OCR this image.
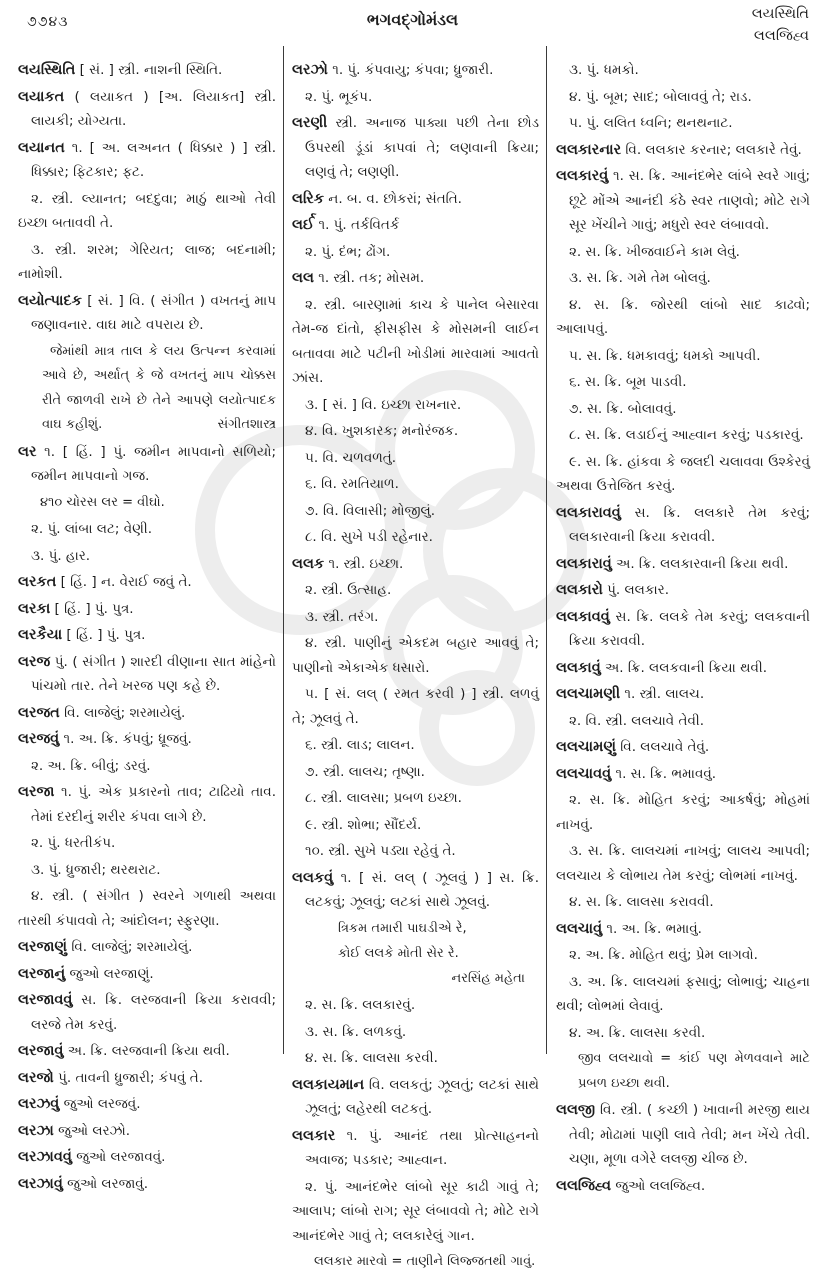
૭૭૪૩	ભગવદ્ગોમંડલ	લયસ્થિતિ
લલજિહ્વ
લયસ્થિતિ [ સં. ] સ્ત્રી. નાશની સ્થિતિ.
લયાકત ( લયાકત ) [અ. લિયાકત] સ્ત્રી. લાયકી; યોગ્યતા.
લયાનત ૧. [ અ. લઅનત ( ધિક્કાર ) ] સ્ત્રી. ધિક્કાર; ફિટકાર; ફટ.
૨. સ્ત્રી. લ્યાનત; બદદુવા; માઠું થાઓ તેવી ઇચ્છા બતાવવી તે.
૩. સ્ત્રી. શરમ; ગેરિયત; લાજ; બદનામી; નામોશી.
લયોત્પાદક [ સં. ] વિ. ( સંગીત ) વખતનું માપ જણાવનાર. વાઘ માટે વપરાય છે.
જેમાંથી માત્ર તાલ કે લય ઉત્પન્ન કરવામાં આવે છે, અર્થાત્ કે જે વખતનું માપ ચોક્કસ રીતે જાળવી રાખે છે તેને આપણે લયોત્પાદક વાઘ કહીશું.	સંગીતશાસ્ત્ર
લર ૧. [ હિં. ] પું. જમીન માપવાનો સળિયો; જમીન માપવાનો ગજ.
૪૧૦ ચોરસ લર = વીઘો.
૨. પું. લાંબા લટ; વેણી.
૩. પું. હાર.
લરકત [ હિં. ] ન. વેરાઈ જવું તે.
લરકા [ હિં. ] પું. પુત્ર.
લરકૈયા [ હિં. ] પું. પુત્ર.
લરજ પું. ( સંગીત ) શારદી વીણાના સાત માંહેનો પાંચમો તાર. તેને ખરજ પણ કહે છે.
લરજત વિ. લાજેલું; શરમાયેલું.
લરજવું ૧. અ. ક્રિ. કંપવું; ધ્રૂજવું.
૨. અ. ક્રિ. બીવું; ડરવું.
લરજા ૧. પું. એક પ્રકારનો તાવ; ટાઢિયો તાવ. તેમાં દરદીનું શરીર કંપવા લાગે છે.
૨. પું. ધરતીકંપ.
૩. પું. ધ્રુજારી; થરથરાટ.
૪. સ્ત્રી. ( સંગીત ) સ્વરને ગળાથી અથવા તારથી કંપાવવો તે; આંદોલન; સ્ફુરણા.
લરજાણું વિ. લાજેલું; શરમાયેલું.
લરજાનું જુઓ લરજાણું.
લરજાવવું સ. ક્રિ. લરજવાની ક્રિયા કરાવવી; લરજે તેમ કરવું.
લરજાવું અ. ક્રિ. લરજવાની ક્રિયા થવી.
લરજો પું. તાવની ધ્રુજારી; કંપવું તે.
લરઝવું જુઓ લરજવું.
લરઝા જુઓ લરઝો.
લરઝાવવું જુઓ લરજાવવું.
લરઝાવું જુઓ લરજાવું.
લરઝો ૧. પું. કંપવાયુ; કંપવા; ધ્રુજારી.
૨. પું. ભૂકંપ.
લરણી સ્ત્રી. અનાજ પાક્યા પછી તેના છોડ ઉપરથી ડૂંડાં કાપવાં તે; લણવાની ક્રિયા; લણવું તે; લણણી.
લરિક ન. બ. વ. છોકરાં; સંતતિ.
લર્ઈ ૧. પું. તર્કવિતર્ક
૨. પું. દંભ; ઢોંગ.
લલ ૧. સ્ત્રી. તક; મોસમ.
૨. સ્ત્રી. બારણામાં કાચ કે પાનેલ બેસારવા તેમ-જ દાંતો, ફીસફીસ કે મોસમની લાઈન બતાવવા માટે પટીની ખોડીમાં મારવામાં આવતો ઝાંસ.
૩. [ સં. ] વિ. ઇચ્છા રાખનાર.
૪. વિ. ખુશકારક; મનોરંજક.
૫. વિ. ચળવળતું.
૬. વિ. રમતિયાળ.
૭. વિ. વિલાસી; મોજીલું.
૮. વિ. સુખે પડી રહેનાર.
લલક ૧. સ્ત્રી. ઇચ્છા.
૨. સ્ત્રી. ઉત્સાહ.
૩. સ્ત્રી. તરંગ.
૪. સ્ત્રી. પાણીનું એકદમ બહાર આવવું તે; પાણીનો એકાએક ધસારો.
૫. [ સં. લલ્ ( રમત કરવી ) ] સ્ત્રી. લળવું તે; ઝૂલવું તે.
૬. સ્ત્રી. લાડ; લાલન.
૭. સ્ત્રી. લાલચ; તૃષ્ણા.
૮. સ્ત્રી. લાલસા; પ્રબળ ઇચ્છા.
૯. સ્ત્રી. શોભા; સૌંદર્ય.
૧૦. સ્ત્રી. સુખે પડ્યા રહેવું તે.
લલકવું ૧. [ સં. લલ્ ( ઝૂલવું ) ] સ. ક્રિ. લટકવું; ઝૂલવું; લટકાં સાથે ઝૂલવું.
ત્રિકમ તમારી પાઘડીએ રે,
કોઈ લલકે મોતી સેર રે.
નરસિંહ મહેતા
૨. સ. ક્રિ. લલકારવું.
૩. સ. ક્રિ. લળકવું.
૪. સ. ક્રિ. લાલસા કરવી.
લલકાયમાન વિ. લલકતું; ઝૂલતું; લટકાં સાથે ઝૂલતું; લહેરથી લટકતું.
લલકાર ૧. પું. આનંદ તથા પ્રોત્સાહનનો અવાજ; પડકાર; આહ્વાન.
૨. પું. આનંદભેર લાંબો સૂર કાઢી ગાવું તે; આલાપ; લાંબો રાગ; સૂર લંબાવવો તે; મોટે રાગે આનંદભેર ગાવું તે; લલકારેલું ગાન.
લલકાર મારવો = તાણીને લિજ્જતથી ગાવું.
૩. પું. ધમકો.
૪. પું. બૂમ; સાદ; બોલાવવું તે; રાડ.
૫. પું. લલિત ધ્વનિ; થનથનાટ.
લલકારનાર વિ. લલકાર કરનાર; લલકારે તેવું.
લલકારવું ૧. સ. ક્રિ. આનંદભેર લાંબે સ્વરે ગાવું; છૂટે મોંએ આનંદી કંઠે સ્વર તાણવો; મોટે રાગે સૂર ખેંચીને ગાવું; મધુરો સ્વર લંબાવવો.
૨. સ. ક્રિ. ખીજવાઈને કામ લેવું.
૩. સ. ક્રિ. ગમે તેમ બોલવું.
૪. સ. ક્રિ. જોરથી લાંબો સાદ કાઢવો; આલાપવું.
૫. સ. ક્રિ. ધમકાવવું; ધમકો આપવી.
૬. સ. ક્રિ. બૂમ પાડવી.
૭. સ. ક્રિ. બોલાવવું.
૮. સ. ક્રિ. લડાઈનું આહ્વાન કરવું; પડકારવું.
૯. સ. ક્રિ. હાંકવા કે જલદી ચલાવવા ઉશ્કેરવું અથવા ઉત્તેજિત કરવું.
લલકારાવવું સ. ક્રિ. લલકારે તેમ કરવું; લલકારવાની ક્રિયા કરાવવી.
લલકારાવું અ. ક્રિ. લલકારવાની ક્રિયા થવી.
લલકારો પું. લલકાર.
લલકાવવું સ. ક્રિ. લલકે તેમ કરવું; લલકવાની ક્રિયા કરાવવી.
લલકાવું અ. ક્રિ. લલકવાની ક્રિયા થવી.
લલચામણી ૧. સ્ત્રી. લાલચ.
૨. વિ. સ્ત્રી. લલચાવે તેવી.
લલચામણું વિ. લલચાવે તેવું.
લલચાવવું ૧. સ. ક્રિ. ભમાવવું.
૨. સ. ક્રિ. મોહિત કરવું; આકર્ષવું; મોહમાં નાખવું.
૩. સ. ક્રિ. લાલચમાં નાખવું; લાલચ આપવી; લલચાય કે લોભાય તેમ કરવું; લોભમાં નાખવું.
૪. સ. ક્રિ. લાલસા કરાવવી.
લલચાવું ૧. અ. ક્રિ. ભમાવું.
૨. અ. ક્રિ. મોહિત થવું; પ્રેમ લાગવો.
૩. અ. ક્રિ. લાલચમાં ફસાવું; લોભાવું; ચાહના થવી; લોભમાં લેવાવું.
૪. અ. ક્રિ. લાલસા કરવી.
જીવ લલચાવો = કાંઈ પણ મેળવવાને માટે પ્રબળ ઇચ્છા થવી.
લલજી વિ. સ્ત્રી. ( કચ્છી ) ખાવાની મરજી થાય તેવી; મોઢામાં પાણી લાવે તેવી; મન ખેંચે તેવી. ચણા, મૂળા વગેરે લલજી ચીજ છે.
લલજિહ્વ જુઓ લલજિહ્વ.
